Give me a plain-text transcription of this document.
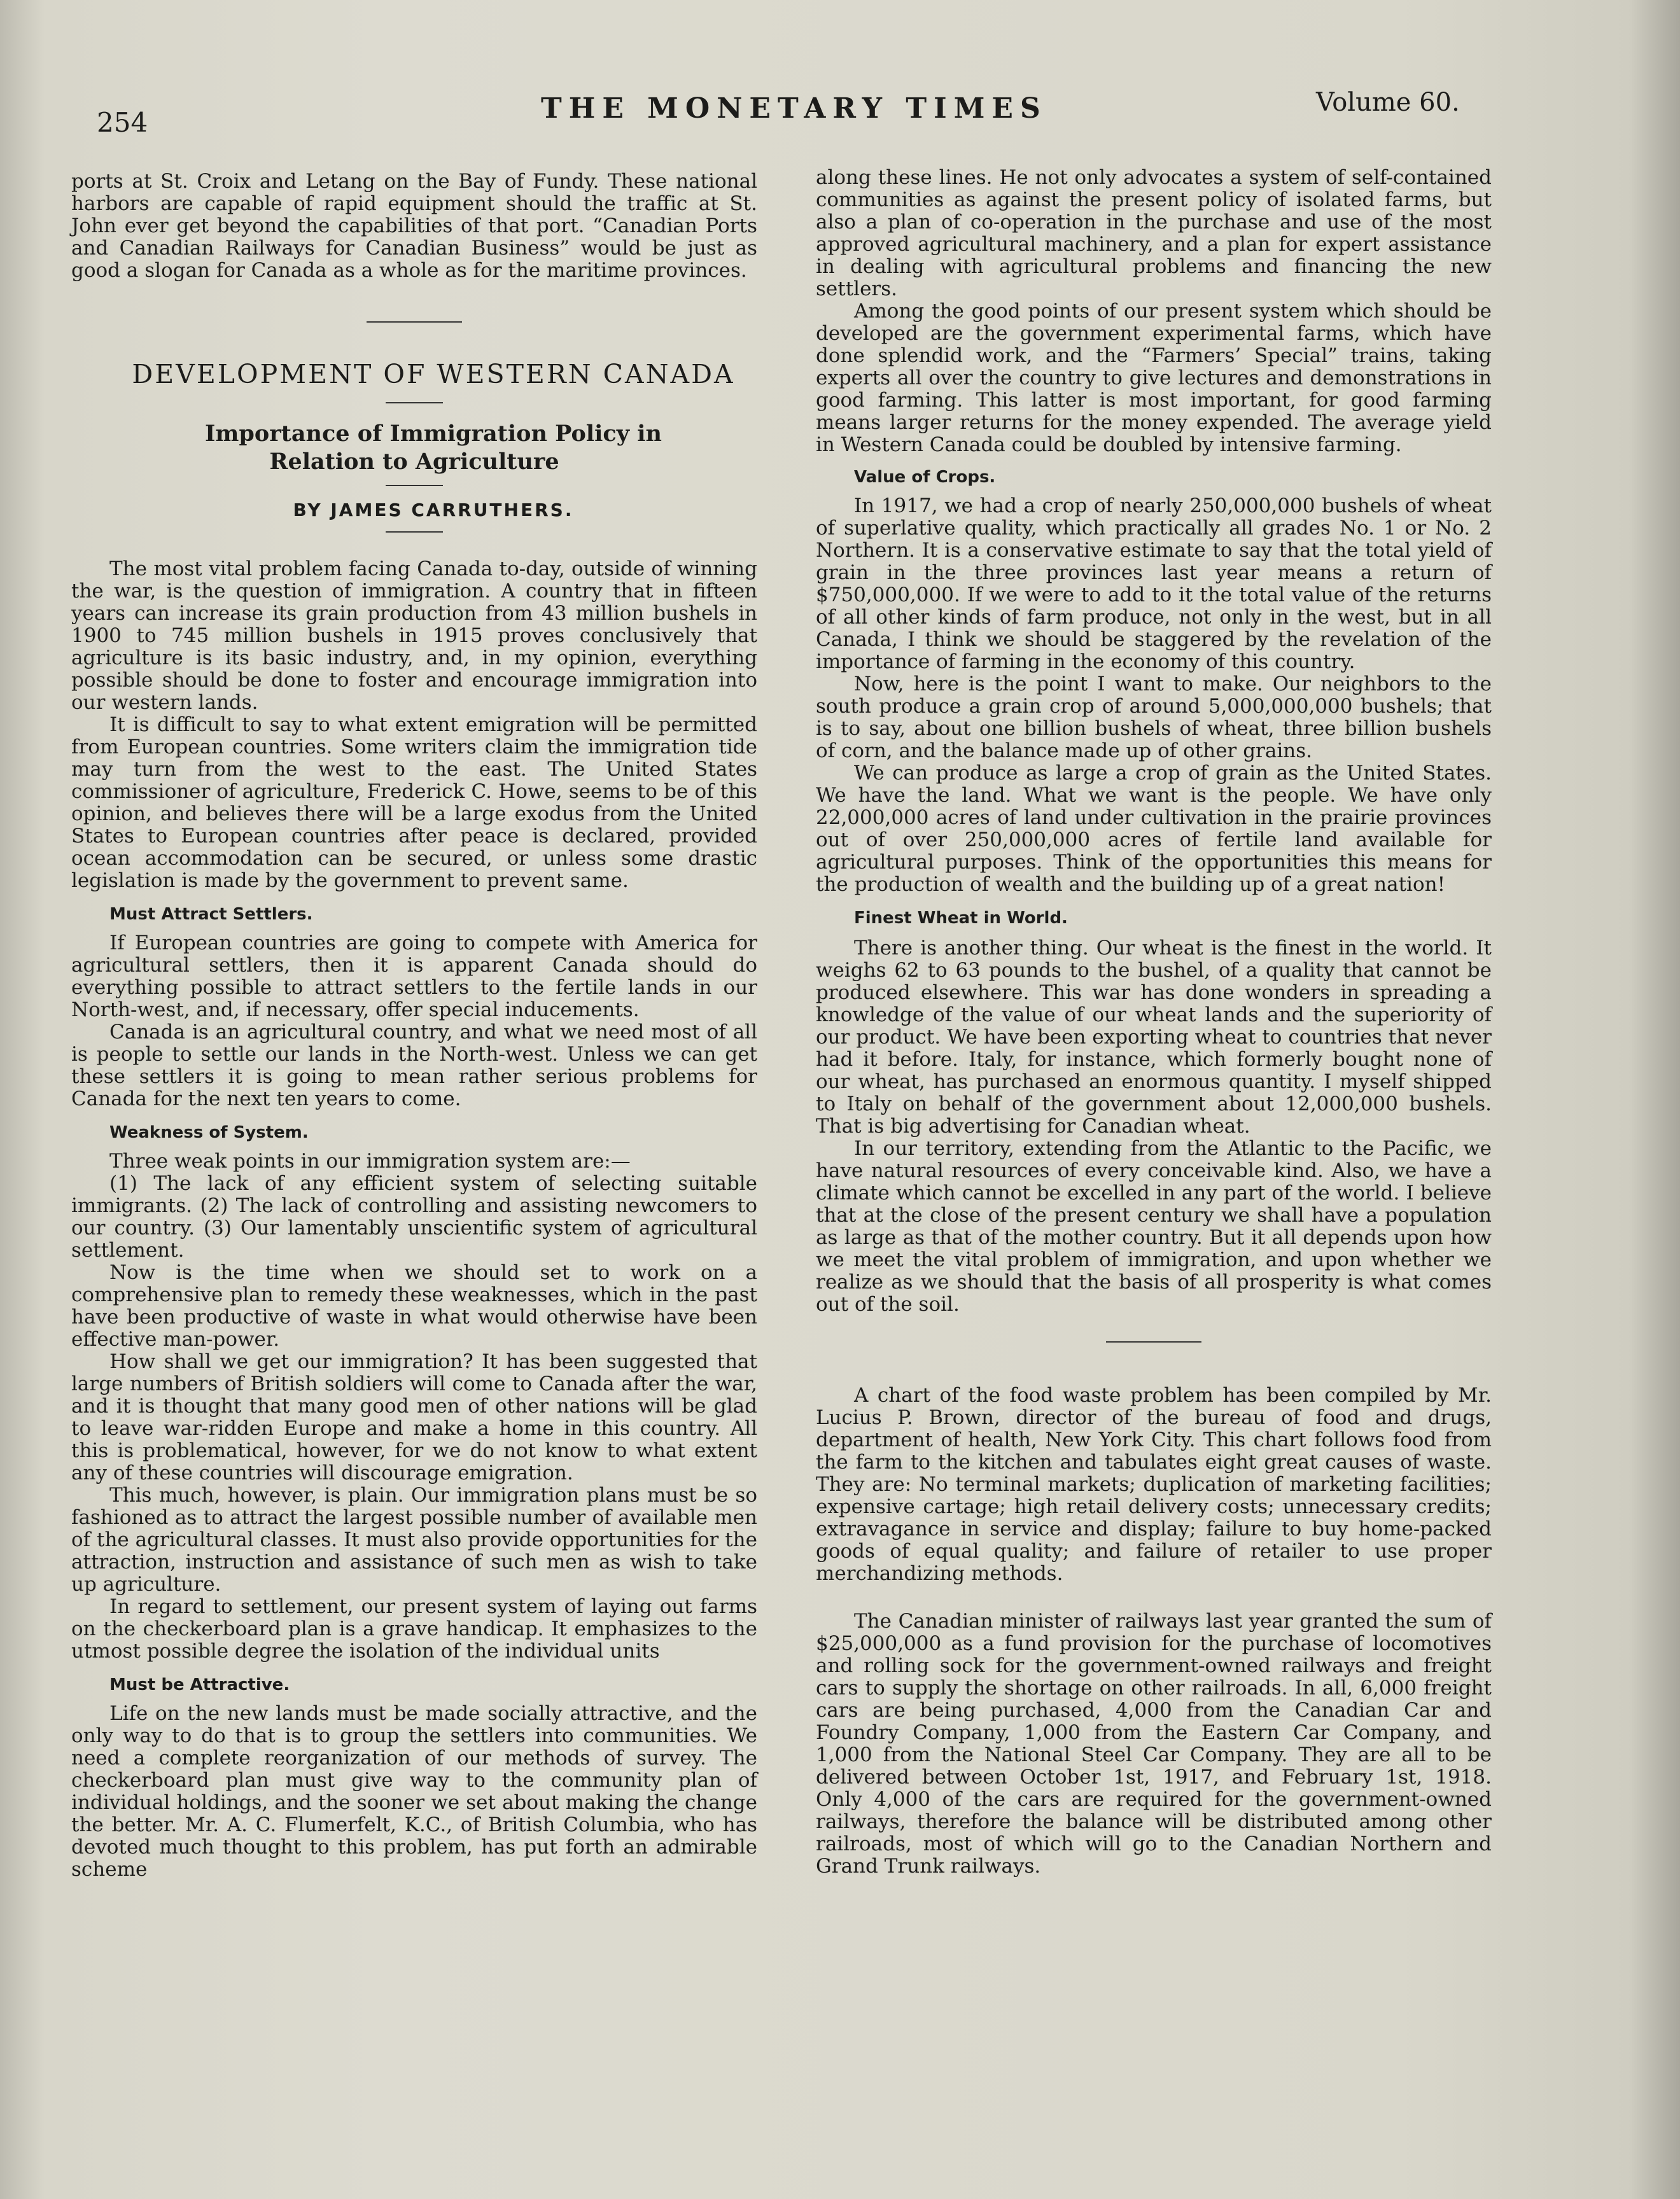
254	THE MONETARY TIMES	Volume 60.

ports at St. Croix and Letang on the Bay of Fundy. These national harbors are capable of rapid equipment should the traffic at St. John ever get beyond the capabilities of that port. “Canadian Ports and Canadian Railways for Canadian Business” would be just as good a slogan for Canada as a whole as for the maritime provinces.

DEVELOPMENT OF WESTERN CANADA

Importance of Immigration Policy in Relation to Agriculture

BY JAMES CARRUTHERS.

The most vital problem facing Canada to-day, outside of winning the war, is the question of immigration. A country that in fifteen years can increase its grain production from 43 million bushels in 1900 to 745 million bushels in 1915 proves conclusively that agriculture is its basic industry, and, in my opinion, everything possible should be done to foster and encourage immigration into our western lands.

It is difficult to say to what extent emigration will be permitted from European countries. Some writers claim the immigration tide may turn from the west to the east. The United States commissioner of agriculture, Frederick C. Howe, seems to be of this opinion, and believes there will be a large exodus from the United States to European countries after peace is declared, provided ocean accommodation can be secured, or unless some drastic legislation is made by the government to prevent same.

Must Attract Settlers.

If European countries are going to compete with America for agricultural settlers, then it is apparent Canada should do everything possible to attract settlers to the fertile lands in our North-west, and, if necessary, offer special inducements.

Canada is an agricultural country, and what we need most of all is people to settle our lands in the North-west. Unless we can get these settlers it is going to mean rather serious problems for Canada for the next ten years to come.

Weakness of System.

Three weak points in our immigration system are:—

(1) The lack of any efficient system of selecting suitable immigrants. (2) The lack of controlling and assisting newcomers to our country. (3) Our lamentably unscientific system of agricultural settlement.

Now is the time when we should set to work on a comprehensive plan to remedy these weaknesses, which in the past have been productive of waste in what would otherwise have been effective man-power.

How shall we get our immigration? It has been suggested that large numbers of British soldiers will come to Canada after the war, and it is thought that many good men of other nations will be glad to leave war-ridden Europe and make a home in this country. All this is problematical, however, for we do not know to what extent any of these countries will discourage emigration.

This much, however, is plain. Our immigration plans must be so fashioned as to attract the largest possible number of available men of the agricultural classes. It must also provide opportunities for the attraction, instruction and assistance of such men as wish to take up agriculture.

In regard to settlement, our present system of laying out farms on the checkerboard plan is a grave handicap. It emphasizes to the utmost possible degree the isolation of the individual units

Must be Attractive.

Life on the new lands must be made socially attractive, and the only way to do that is to group the settlers into communities. We need a complete reorganization of our methods of survey. The checkerboard plan must give way to the community plan of individual holdings, and the sooner we set about making the change the better. Mr. A. C. Flumerfelt, K.C., of British Columbia, who has devoted much thought to this problem, has put forth an admirable scheme

along these lines. He not only advocates a system of self-contained communities as against the present policy of isolated farms, but also a plan of co-operation in the purchase and use of the most approved agricultural machinery, and a plan for expert assistance in dealing with agricultural problems and financing the new settlers.

Among the good points of our present system which should be developed are the government experimental farms, which have done splendid work, and the “Farmers’ Special” trains, taking experts all over the country to give lectures and demonstrations in good farming. This latter is most important, for good farming means larger returns for the money expended. The average yield in Western Canada could be doubled by intensive farming.

Value of Crops.

In 1917, we had a crop of nearly 250,000,000 bushels of wheat of superlative quality, which practically all grades No. 1 or No. 2 Northern. It is a conservative estimate to say that the total yield of grain in the three provinces last year means a return of $750,000,000. If we were to add to it the total value of the returns of all other kinds of farm produce, not only in the west, but in all Canada, I think we should be staggered by the revelation of the importance of farming in the economy of this country.

Now, here is the point I want to make. Our neighbors to the south produce a grain crop of around 5,000,000,000 bushels; that is to say, about one billion bushels of wheat, three billion bushels of corn, and the balance made up of other grains.

We can produce as large a crop of grain as the United States. We have the land. What we want is the people. We have only 22,000,000 acres of land under cultivation in the prairie provinces out of over 250,000,000 acres of fertile land available for agricultural purposes. Think of the opportunities this means for the production of wealth and the building up of a great nation!

Finest Wheat in World.

There is another thing. Our wheat is the finest in the world. It weighs 62 to 63 pounds to the bushel, of a quality that cannot be produced elsewhere. This war has done wonders in spreading a knowledge of the value of our wheat lands and the superiority of our product. We have been exporting wheat to countries that never had it before. Italy, for instance, which formerly bought none of our wheat, has purchased an enormous quantity. I myself shipped to Italy on behalf of the government about 12,000,000 bushels. That is big advertising for Canadian wheat.

In our territory, extending from the Atlantic to the Pacific, we have natural resources of every conceivable kind. Also, we have a climate which cannot be excelled in any part of the world. I believe that at the close of the present century we shall have a population as large as that of the mother country. But it all depends upon how we meet the vital problem of immigration, and upon whether we realize as we should that the basis of all prosperity is what comes out of the soil.

A chart of the food waste problem has been compiled by Mr. Lucius P. Brown, director of the bureau of food and drugs, department of health, New York City. This chart follows food from the farm to the kitchen and tabulates eight great causes of waste. They are: No terminal markets; duplication of marketing facilities; expensive cartage; high retail delivery costs; unnecessary credits; extravagance in service and display; failure to buy home-packed goods of equal quality; and failure of retailer to use proper merchandizing methods.

The Canadian minister of railways last year granted the sum of $25,000,000 as a fund provision for the purchase of locomotives and rolling sock for the government-owned railways and freight cars to supply the shortage on other railroads. In all, 6,000 freight cars are being purchased, 4,000 from the Canadian Car and Foundry Company, 1,000 from the Eastern Car Company, and 1,000 from the National Steel Car Company. They are all to be delivered between October 1st, 1917, and February 1st, 1918. Only 4,000 of the cars are required for the government-owned railways, therefore the balance will be distributed among other railroads, most of which will go to the Canadian Northern and Grand Trunk railways.
